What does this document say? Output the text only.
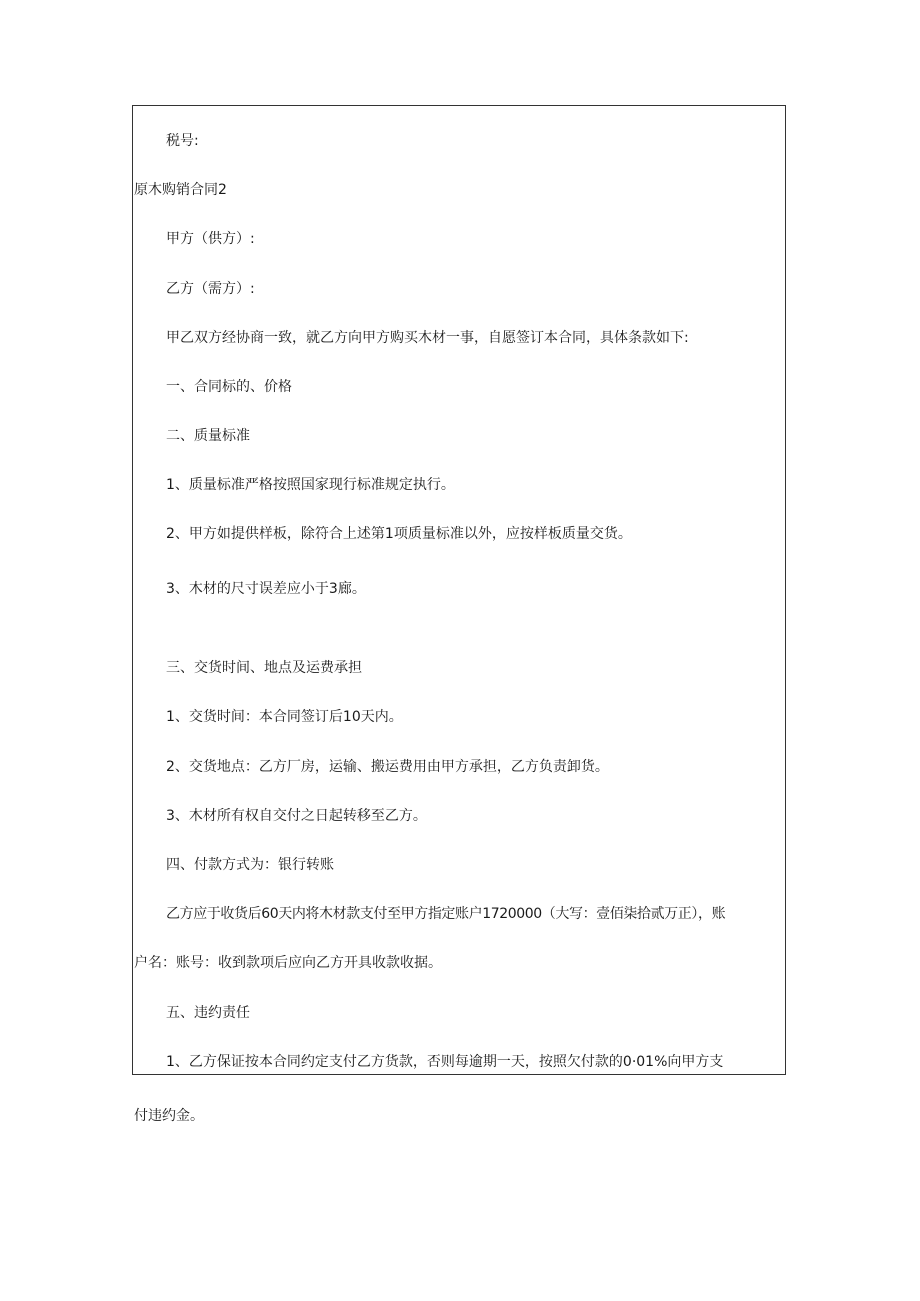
税号:

原木购销合同2

甲方（供方）:

乙方（需方）:

甲乙双方经协商一致，就乙方向甲方购买木材一事，自愿签订本合同，具体条款如下:

一、合同标的、价格

二、质量标准

1、质量标准严格按照国家现行标准规定执行。

2、甲方如提供样板，除符合上述第1项质量标准以外，应按样板质量交货。

3、木材的尺寸误差应小于3廊。

三、交货时间、地点及运费承担

1、交货时间：本合同签订后10天内。

2、交货地点：乙方厂房，运输、搬运费用由甲方承担，乙方负责卸货。

3、木材所有权自交付之日起转移至乙方。

四、付款方式为：银行转账

乙方应于收货后60天内将木材款支付至甲方指定账户1720000（大写：壹佰柒拾贰万正），账

户名：账号：收到款项后应向乙方开具收款收据。

五、违约责任

1、乙方保证按本合同约定支付乙方货款，否则每逾期一天，按照欠付款的0·01%向甲方支

付违约金。
